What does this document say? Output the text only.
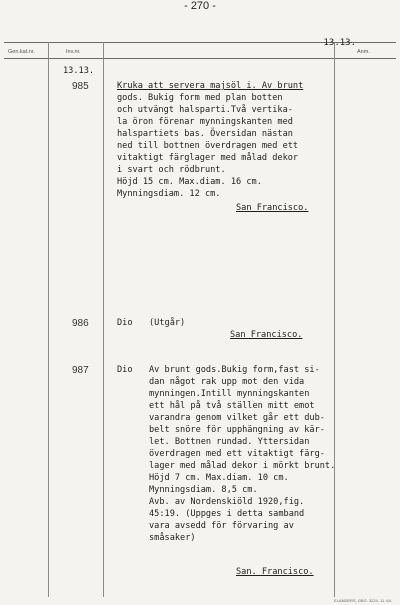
- 270 -
Gen.kat.nr.	Inv.nr.	Anm.
13.13.
13.13.
985	Kruka att servera majsöl i. Av brunt
gods. Bukig form med plan botten
och utvängt halsparti.Två vertika-
la öron förenar mynningskanten med
halspartiets bas. Översidan nästan
ned till bottnen överdragen med ett
vitaktigt färglager med målad dekor
i svart och rödbrunt.
Höjd 15 cm. Max.diam. 16 cm.
Mynningsdiam. 12 cm.
San Francisco.
986	Dio (Utgår)
San Francisco.
987	Dio Av brunt gods.Bukig form,fast si-
dan något rak upp mot den vida
mynningen.Intill mynningskanten
ett hål på två ställen mitt emot
varandra genom vilket går ett dub-
belt snöre för upphängning av kär-
let. Bottnen rundad. Yttersidan
överdragen med ett vitaktigt färg-
lager med målad dekor i mörkt brunt.
Höjd 7 cm. Max.diam. 10 cm.
Mynningsdiam. 8,5 cm.
Avb. av Nordenskiöld 1920,fig.
45:19. (Uppges i detta samband
vara avsedd för förvaring av
småsaker)
San. Francisco.
ELANDERS, GBG. 3224. 11. 64.
